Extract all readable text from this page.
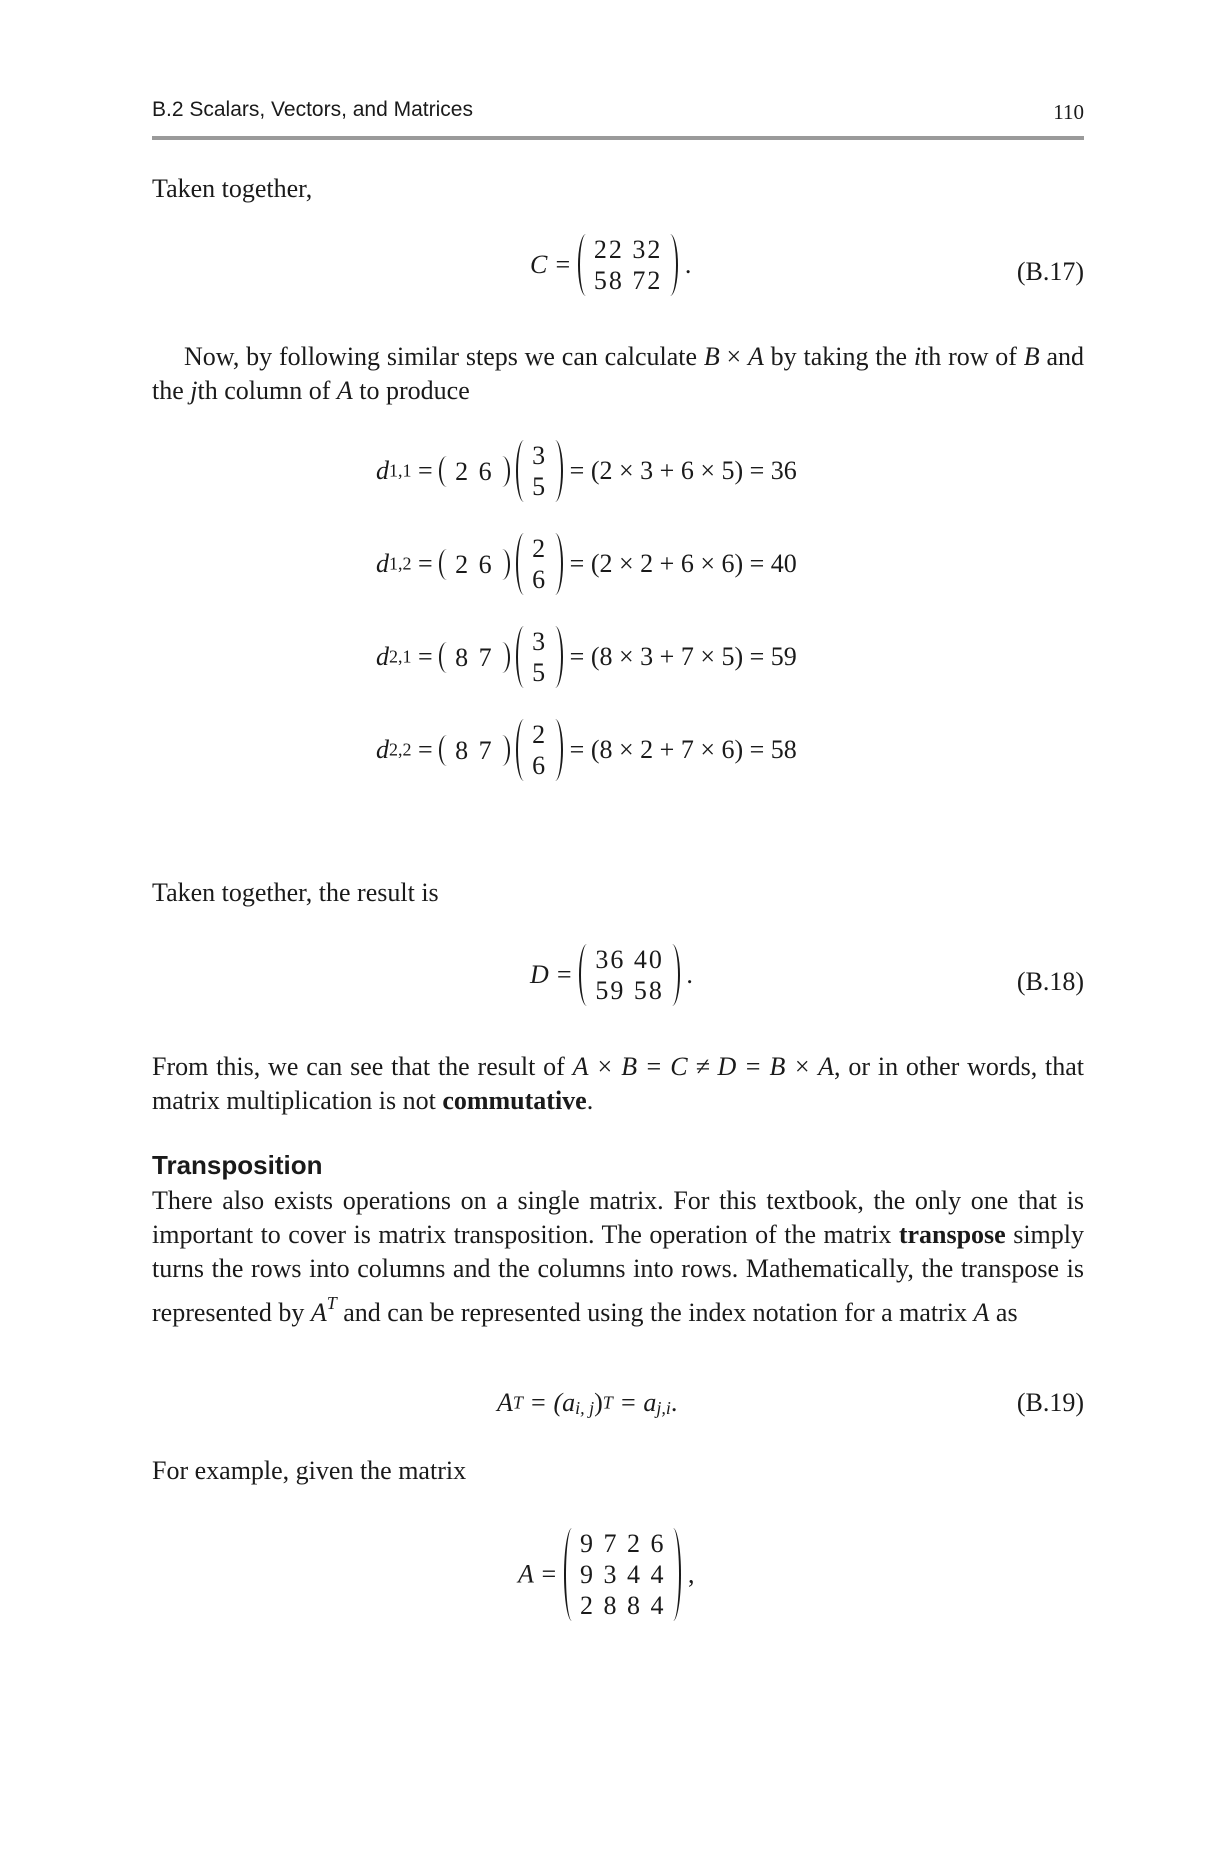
B.2 Scalars, Vectors, and Matrices	110

Taken together,

C =
22 32
58 72
.	(B.17)

Now, by following similar steps we can calculate B × A by taking the ith row of B and the jth column of A to produce

d1,1 = 2 6

3
5
= (2 × 3 + 6 × 5) = 36
d1,2 = 2 6

2
6
= (2 × 2 + 6 × 6) = 40
d2,1 = 8 7

3
5
= (8 × 3 + 7 × 5) = 59
d2,2 = 8 7

2
6
= (8 × 2 + 7 × 6) = 58

Taken together, the result is

D =
36 40
59 58
.	(B.18)

From this, we can see that the result of A × B = C ≠ D = B × A, or in other words, that matrix multiplication is not commutative.

Transposition

There also exists operations on a single matrix. For this textbook, the only one that is important to cover is matrix transposition. The operation of the matrix transpose simply turns the rows into columns and the columns into rows. Mathematically, the transpose is represented by $A^T$ and can be represented using the index notation for a matrix A as

AT = (ai, j)T = aj,i.	(B.19)

For example, given the matrix

A =
9 7 2 6
9 3 4 4
2 8 8 4
,
